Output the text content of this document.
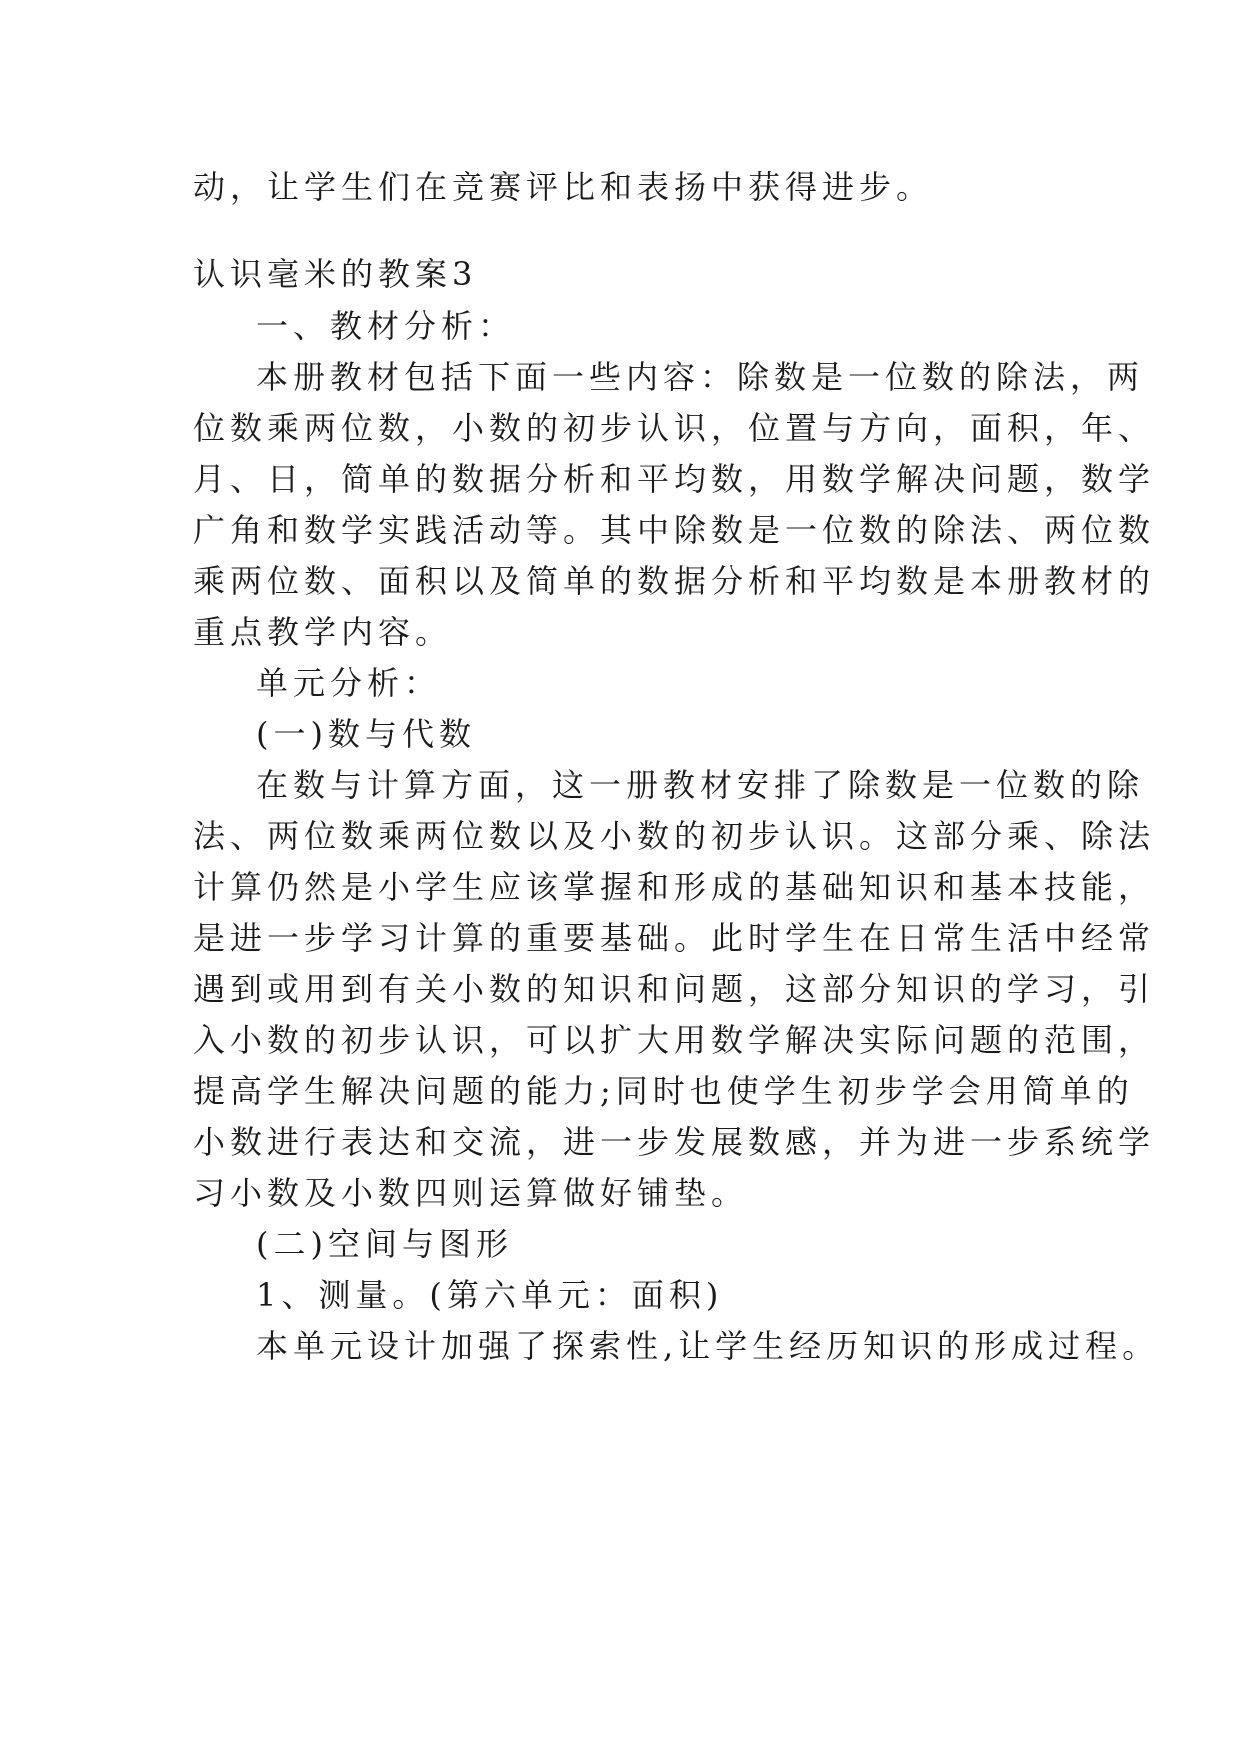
动，让学生们在竞赛评比和表扬中获得进步。

认识毫米的教案3

一、教材分析：

本册教材包括下面一些内容：除数是一位数的除法，两

位数乘两位数，小数的初步认识，位置与方向，面积，年、

月、日，简单的数据分析和平均数，用数学解决问题，数学

广角和数学实践活动等。其中除数是一位数的除法、两位数

乘两位数、面积以及简单的数据分析和平均数是本册教材的

重点教学内容。

单元分析：

(一)数与代数

在数与计算方面，这一册教材安排了除数是一位数的除

法、两位数乘两位数以及小数的初步认识。这部分乘、除法

计算仍然是小学生应该掌握和形成的基础知识和基本技能，

是进一步学习计算的重要基础。此时学生在日常生活中经常

遇到或用到有关小数的知识和问题，这部分知识的学习，引

入小数的初步认识，可以扩大用数学解决实际问题的范围，

提高学生解决问题的能力;同时也使学生初步学会用简单的

小数进行表达和交流，进一步发展数感，并为进一步系统学

习小数及小数四则运算做好铺垫。

(二)空间与图形

1、测量。(第六单元：面积)

本单元设计加强了探索性,让学生经历知识的形成过程。
